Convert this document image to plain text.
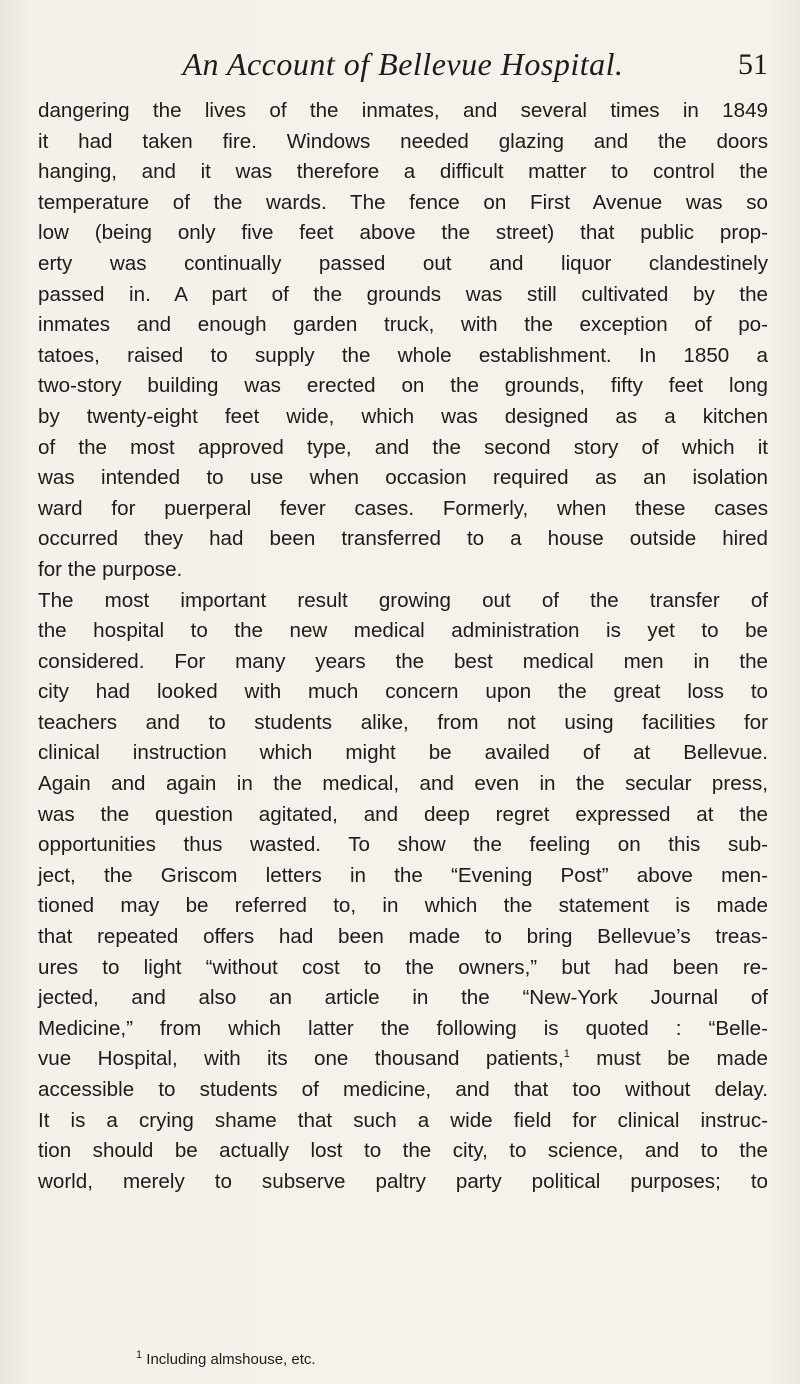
An Account of Bellevue Hospital.	51
dangering the lives of the inmates, and several times in 1849
it had taken fire. Windows needed glazing and the doors
hanging, and it was therefore a difficult matter to control the
temperature of the wards. The fence on First Avenue was so
low (being only five feet above the street) that public prop-
erty was continually passed out and liquor clandestinely
passed in. A part of the grounds was still cultivated by the
inmates and enough garden truck, with the exception of po-
tatoes, raised to supply the whole establishment. In 1850 a
two-story building was erected on the grounds, fifty feet long
by twenty-eight feet wide, which was designed as a kitchen
of the most approved type, and the second story of which it
was intended to use when occasion required as an isolation
ward for puerperal fever cases. Formerly, when these cases
occurred they had been transferred to a house outside hired
for the purpose.
The most important result growing out of the transfer of
the hospital to the new medical administration is yet to be
considered. For many years the best medical men in the
city had looked with much concern upon the great loss to
teachers and to students alike, from not using facilities for
clinical instruction which might be availed of at Bellevue.
Again and again in the medical, and even in the secular press,
was the question agitated, and deep regret expressed at the
opportunities thus wasted. To show the feeling on this sub-
ject, the Griscom letters in the “Evening Post” above men-
tioned may be referred to, in which the statement is made
that repeated offers had been made to bring Bellevue’s treas-
ures to light “without cost to the owners,” but had been re-
jected, and also an article in the “New-York Journal of
Medicine,” from which latter the following is quoted : “Belle-
vue Hospital, with its one thousand patients,$^1$ must be made
accessible to students of medicine, and that too without delay.
It is a crying shame that such a wide field for clinical instruc-
tion should be actually lost to the city, to science, and to the
world, merely to subserve paltry party political purposes; to
$^1$ Including almshouse, etc.
